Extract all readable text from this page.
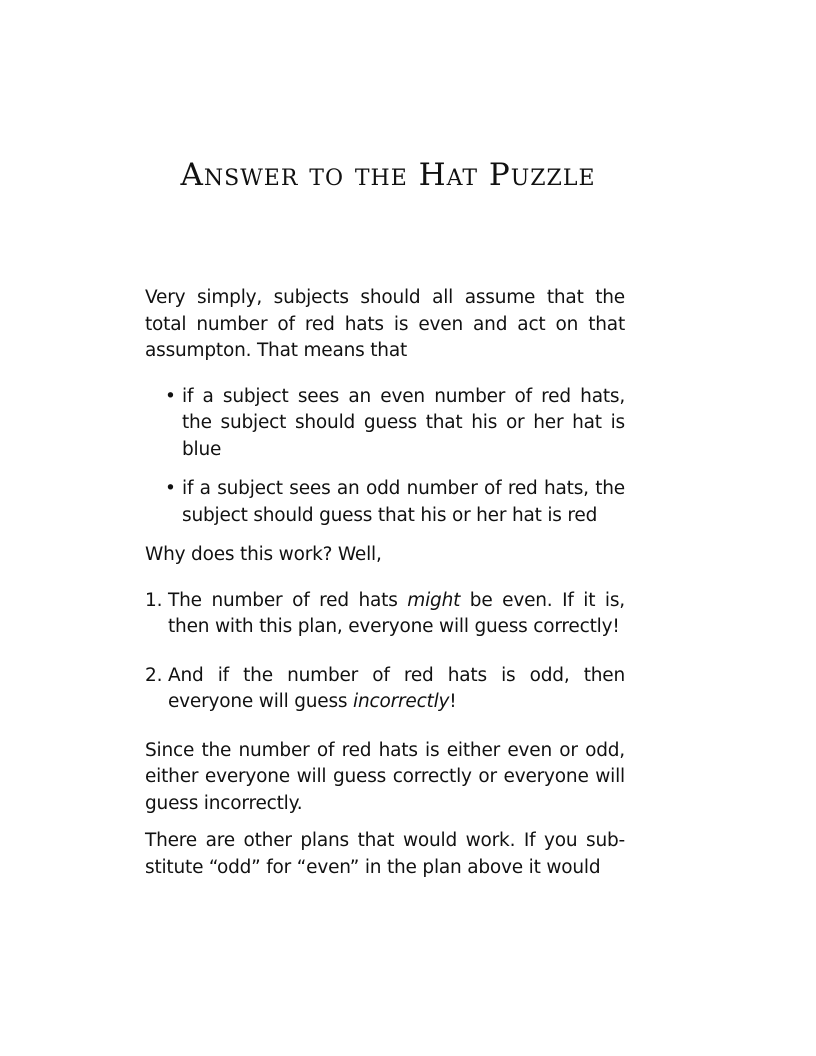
Answer to the Hat Puzzle

Very simply, subjects should all assume that the total number of red hats is even and act on that assumpton. That means that

• if a subject sees an even number of red hats, the subject should guess that his or her hat is blue
• if a subject sees an odd number of red hats, the subject should guess that his or her hat is red

Why does this work? Well,

1. The number of red hats might be even. If it is, then with this plan, everyone will guess correctly!
2. And if the number of red hats is odd, then everyone will guess incorrectly!

Since the number of red hats is either even or odd, either everyone will guess correctly or everyone will guess incorrectly.

There are other plans that would work. If you sub-stitute “odd” for “even” in the plan above it would
